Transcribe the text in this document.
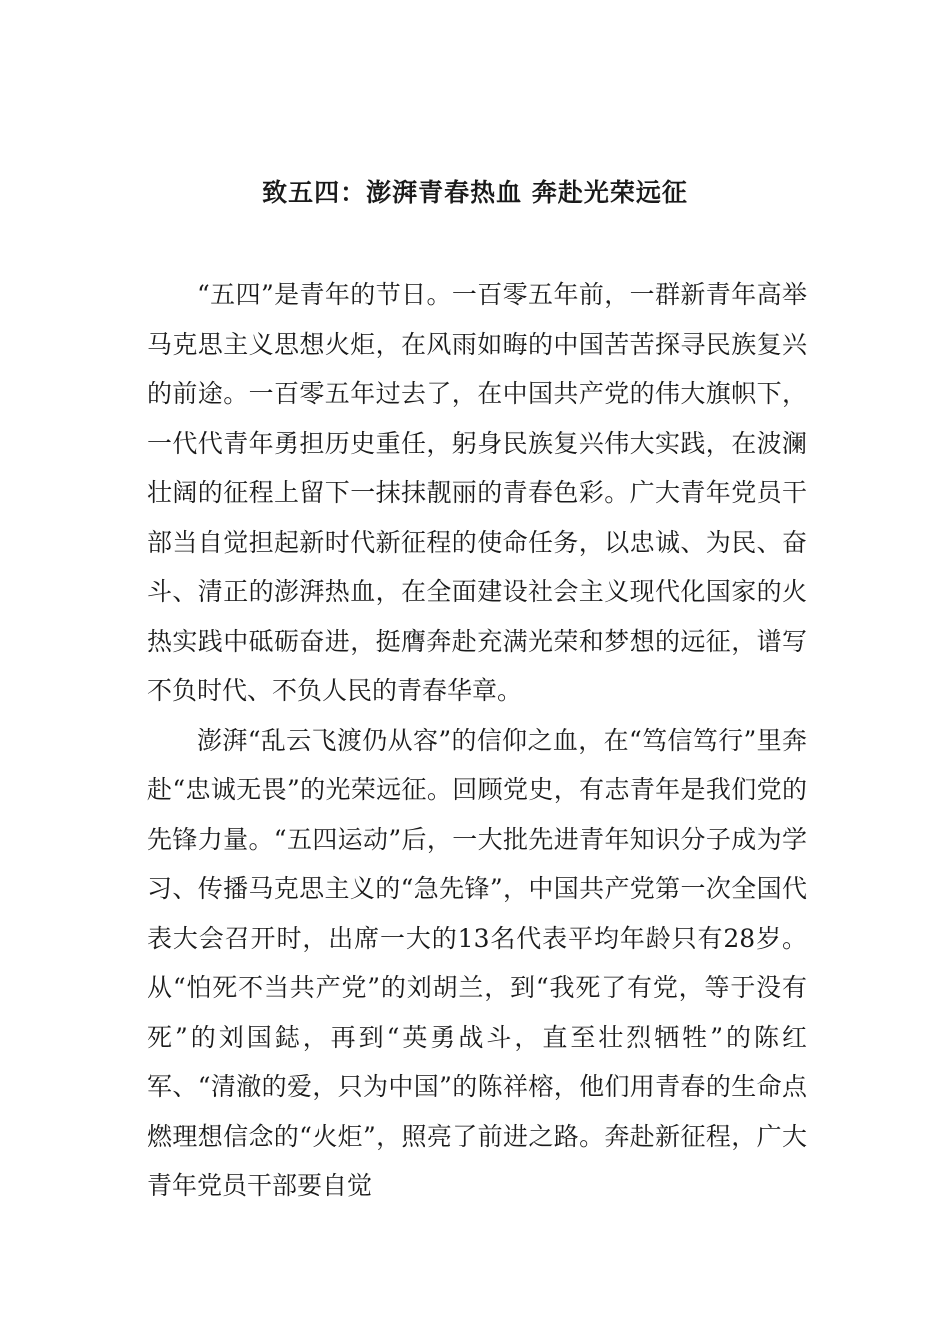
致五四：澎湃青春热血 奔赴光荣远征

“五四”是青年的节日。一百零五年前，一群新青年高举马克思主义思想火炬，在风雨如晦的中国苦苦探寻民族复兴的前途。一百零五年过去了，在中国共产党的伟大旗帜下，一代代青年勇担历史重任，躬身民族复兴伟大实践，在波澜壮阔的征程上留下一抹抹靓丽的青春色彩。广大青年党员干部当自觉担起新时代新征程的使命任务，以忠诚、为民、奋斗、清正的澎湃热血，在全面建设社会主义现代化国家的火热实践中砥砺奋进，挺膺奔赴充满光荣和梦想的远征，谱写不负时代、不负人民的青春华章。

澎湃“乱云飞渡仍从容”的信仰之血，在“笃信笃行”里奔赴“忠诚无畏”的光荣远征。回顾党史，有志青年是我们党的先锋力量。“五四运动”后，一大批先进青年知识分子成为学习、传播马克思主义的“急先锋”，中国共产党第一次全国代表大会召开时，出席一大的13名代表平均年龄只有28岁。从“怕死不当共产党”的刘胡兰，到“我死了有党，等于没有死”的刘国鋕，再到“英勇战斗，直至壮烈牺牲”的陈红军、“清澈的爱，只为中国”的陈祥榕，他们用青春的生命点燃理想信念的“火炬”，照亮了前进之路。奔赴新征程，广大青年党员干部要自觉
